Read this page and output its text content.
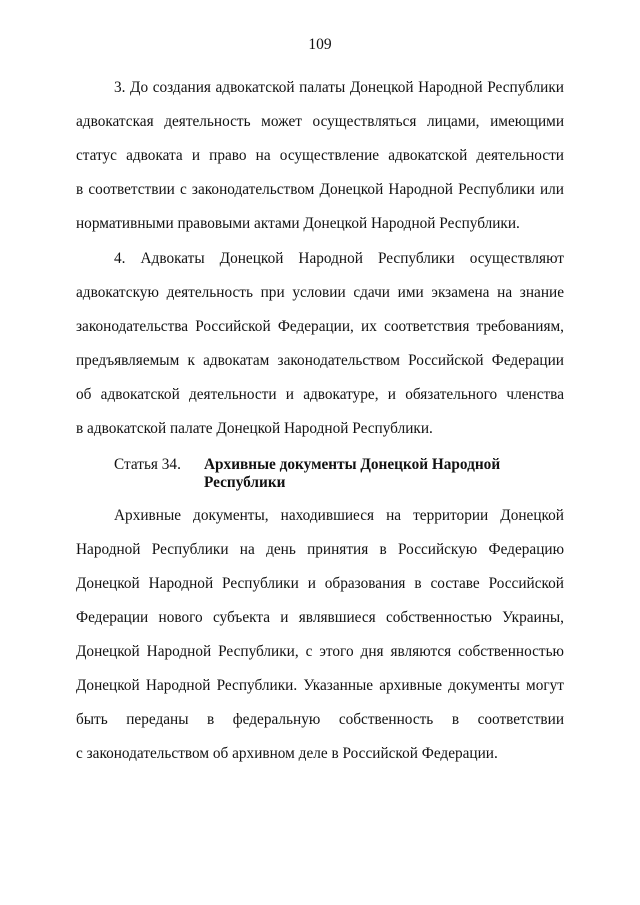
109
3. До создания адвокатской палаты Донецкой Народной Республики
адвокатская деятельность может осуществляться лицами, имеющими
статус адвоката и право на осуществление адвокатской деятельности
в соответствии с законодательством Донецкой Народной Республики или
нормативными правовыми актами Донецкой Народной Республики.
4. Адвокаты Донецкой Народной Республики осуществляют
адвокатскую деятельность при условии сдачи ими экзамена на знание
законодательства Российской Федерации, их соответствия требованиям,
предъявляемым к адвокатам законодательством Российской Федерации
об адвокатской деятельности и адвокатуре, и обязательного членства
в адвокатской палате Донецкой Народной Республики.
Статья 34. Архивные документы Донецкой Народной Республики
Архивные документы, находившиеся на территории Донецкой
Народной Республики на день принятия в Российскую Федерацию
Донецкой Народной Республики и образования в составе Российской
Федерации нового субъекта и являвшиеся собственностью Украины,
Донецкой Народной Республики, с этого дня являются собственностью
Донецкой Народной Республики. Указанные архивные документы могут
быть переданы в федеральную собственность в соответствии
с законодательством об архивном деле в Российской Федерации.
